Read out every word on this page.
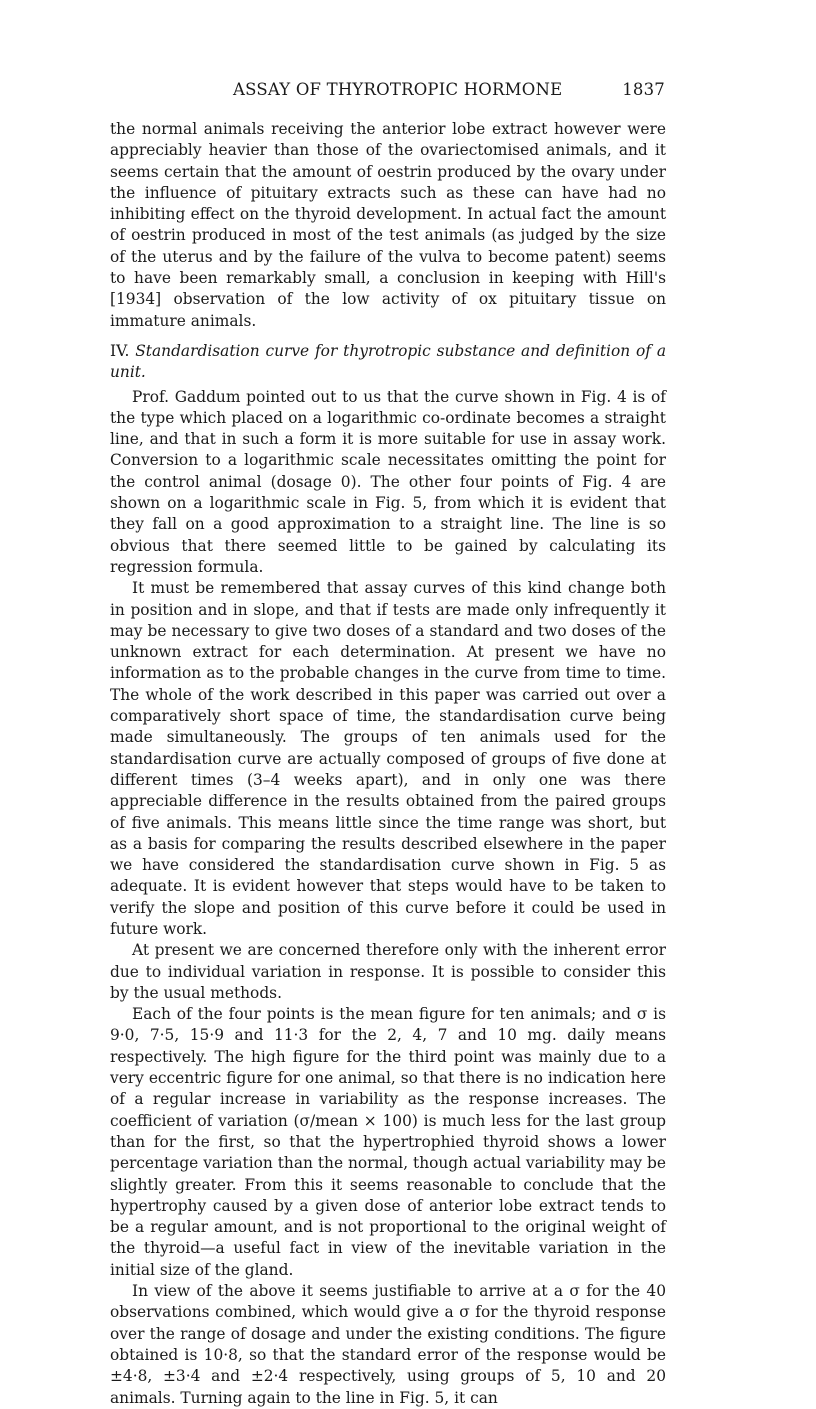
ASSAY OF THYROTROPIC HORMONE	1837

the normal animals receiving the anterior lobe extract however were appreciably heavier than those of the ovariectomised animals, and it seems certain that the amount of oestrin produced by the ovary under the influence of pituitary extracts such as these can have had no inhibiting effect on the thyroid development. In actual fact the amount of oestrin produced in most of the test animals (as judged by the size of the uterus and by the failure of the vulva to become patent) seems to have been remarkably small, a conclusion in keeping with Hill's [1934] observation of the low activity of ox pituitary tissue on immature animals.

IV. Standardisation curve for thyrotropic substance and definition of a unit.

Prof. Gaddum pointed out to us that the curve shown in Fig. 4 is of the type which placed on a logarithmic co-ordinate becomes a straight line, and that in such a form it is more suitable for use in assay work. Conversion to a logarithmic scale necessitates omitting the point for the control animal (dosage 0). The other four points of Fig. 4 are shown on a logarithmic scale in Fig. 5, from which it is evident that they fall on a good approximation to a straight line. The line is so obvious that there seemed little to be gained by calculating its regression formula.

It must be remembered that assay curves of this kind change both in position and in slope, and that if tests are made only infrequently it may be necessary to give two doses of a standard and two doses of the unknown extract for each determination. At present we have no information as to the probable changes in the curve from time to time. The whole of the work described in this paper was carried out over a comparatively short space of time, the standardisation curve being made simultaneously. The groups of ten animals used for the standardisation curve are actually composed of groups of five done at different times (3–4 weeks apart), and in only one was there appreciable difference in the results obtained from the paired groups of five animals. This means little since the time range was short, but as a basis for comparing the results described elsewhere in the paper we have considered the standardisation curve shown in Fig. 5 as adequate. It is evident however that steps would have to be taken to verify the slope and position of this curve before it could be used in future work.

At present we are concerned therefore only with the inherent error due to individual variation in response. It is possible to consider this by the usual methods.

Each of the four points is the mean figure for ten animals; and σ is 9·0, 7·5, 15·9 and 11·3 for the 2, 4, 7 and 10 mg. daily means respectively. The high figure for the third point was mainly due to a very eccentric figure for one animal, so that there is no indication here of a regular increase in variability as the response increases. The coefficient of variation (σ/mean × 100) is much less for the last group than for the first, so that the hypertrophied thyroid shows a lower percentage variation than the normal, though actual variability may be slightly greater. From this it seems reasonable to conclude that the hypertrophy caused by a given dose of anterior lobe extract tends to be a regular amount, and is not proportional to the original weight of the thyroid—a useful fact in view of the inevitable variation in the initial size of the gland.

In view of the above it seems justifiable to arrive at a σ for the 40 observations combined, which would give a σ for the thyroid response over the range of dosage and under the existing conditions. The figure obtained is 10·8, so that the standard error of the response would be ±4·8, ±3·4 and ±2·4 respectively, using groups of 5, 10 and 20 animals. Turning again to the line in Fig. 5, it can
